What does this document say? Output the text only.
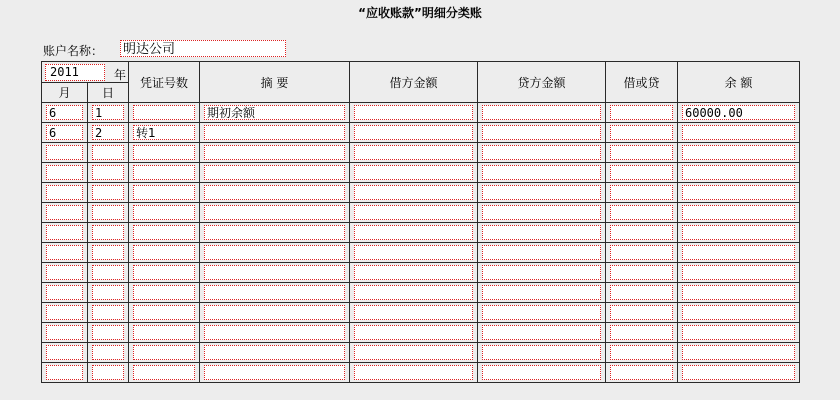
“应收账款”明细分类账
账户名称： 明达公司
2011 年		凭证号数	摘 要	借方金额	贷方金额	借或贷	余 额
月	日						

6	1		期初余额				60000.00

6	2	转1					
